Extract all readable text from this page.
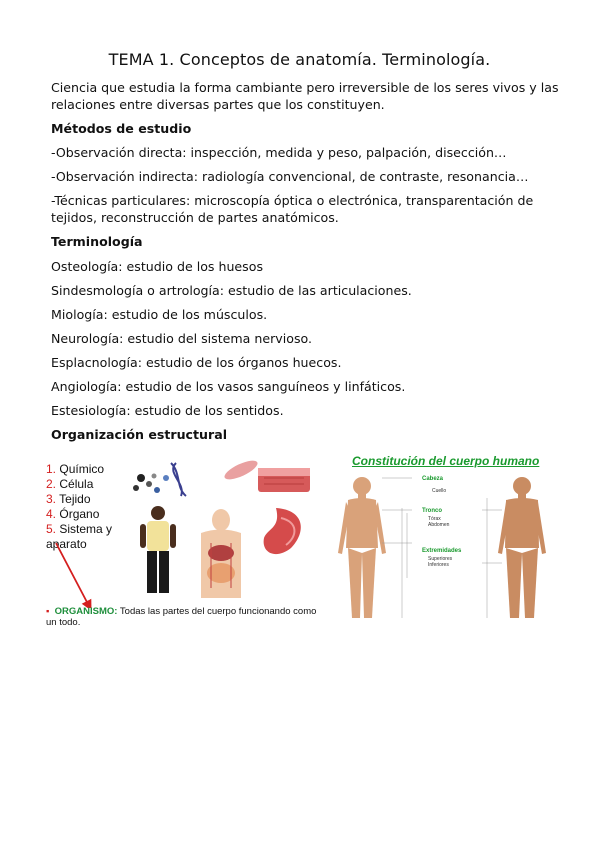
TEMA 1. Conceptos de anatomía. Terminología.
Ciencia que estudia la forma cambiante pero irreversible de los seres vivos y las relaciones entre diversas partes que los constituyen.
Métodos de estudio
-Observación directa: inspección, medida y peso, palpación, disección…
-Observación indirecta: radiología convencional, de contraste, resonancia…
-Técnicas particulares: microscopía óptica o electrónica, transparentación de tejidos, reconstrucción de partes anatómicos.
Terminología
Osteología: estudio de los huesos
Sindesmología o artrología: estudio de las articulaciones.
Miología: estudio de los músculos.
Neurología: estudio del sistema nervioso.
Esplacnología: estudio de los órganos huecos.
Angiología: estudio de los vasos sanguíneos y linfáticos.
Estesiología: estudio de los sentidos.
Organización estructural
1. Químico
2. Célula
3. Tejido
4. Órgano
5. Sistema y
aparato
▪ ORGANISMO: Todas las partes del cuerpo funcionando como un todo.
Constitución del cuerpo humano
Cabeza
Cuello
Tronco
Tórax
Abdomen
Extremidades
Superiores
Inferiores
